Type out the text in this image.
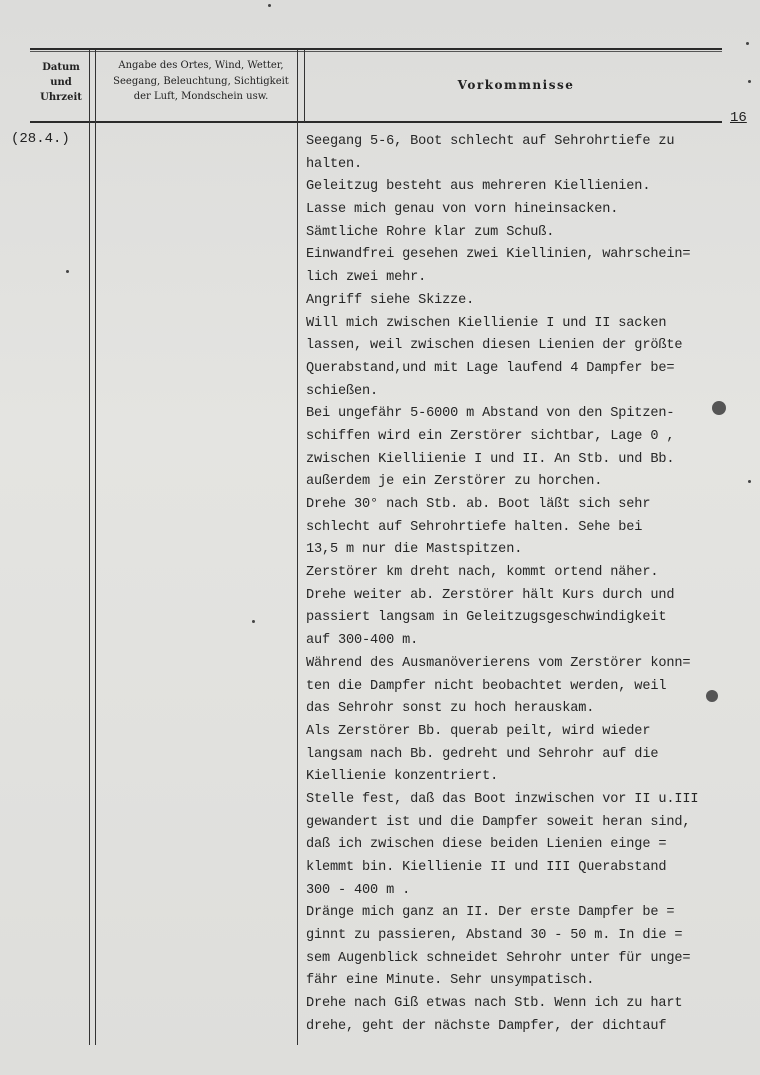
Datum
und
Uhrzeit
Angabe des Ortes, Wind, Wetter,
Seegang, Beleuchtung, Sichtigkeit
der Luft, Mondschein usw.
Vorkommnisse
16
(28.4.)	Seegang 5-6, Boot schlecht auf Sehrohrtiefe zu
halten.
Geleitzug besteht aus mehreren Kiellienien.
Lasse mich genau von vorn hineinsacken.
Sämtliche Rohre klar zum Schuß.
Einwandfrei gesehen zwei Kiellinien, wahrschein=
lich zwei mehr.
Angriff siehe Skizze.
Will mich zwischen Kiellienie I und II sacken
lassen, weil zwischen diesen Lienien der größte
Querabstand,und mit Lage laufend 4 Dampfer be=
schießen.
Bei ungefähr 5-6000 m Abstand von den Spitzen-
schiffen wird ein Zerstörer sichtbar, Lage 0 ,
zwischen Kielliienie I und II. An Stb. und Bb.
außerdem je ein Zerstörer zu horchen.
Drehe 30° nach Stb. ab. Boot läßt sich sehr
schlecht auf Sehrohrtiefe halten. Sehe bei
13,5 m nur die Mastspitzen.
Zerstörer km dreht nach, kommt ortend näher.
Drehe weiter ab. Zerstörer hält Kurs durch und
passiert langsam in Geleitzugsgeschwindigkeit
auf 300-400 m.
Während des Ausmanöverierens vom Zerstörer konn=
ten die Dampfer nicht beobachtet werden, weil
das Sehrohr sonst zu hoch herauskam.
Als Zerstörer Bb. querab peilt, wird wieder
langsam nach Bb. gedreht und Sehrohr auf die
Kiellienie konzentriert.
Stelle fest, daß das Boot inzwischen vor II u.III
gewandert ist und die Dampfer soweit heran sind,
daß ich zwischen diese beiden Lienien einge =
klemmt bin. Kiellienie II und III Querabstand
300 - 400 m .
Dränge mich ganz an II. Der erste Dampfer be =
ginnt zu passieren, Abstand 30 - 50 m. In die =
sem Augenblick schneidet Sehrohr unter für unge=
fähr eine Minute. Sehr unsympatisch.
Drehe nach Giß etwas nach Stb. Wenn ich zu hart
drehe, geht der nächste Dampfer, der dichtauf
